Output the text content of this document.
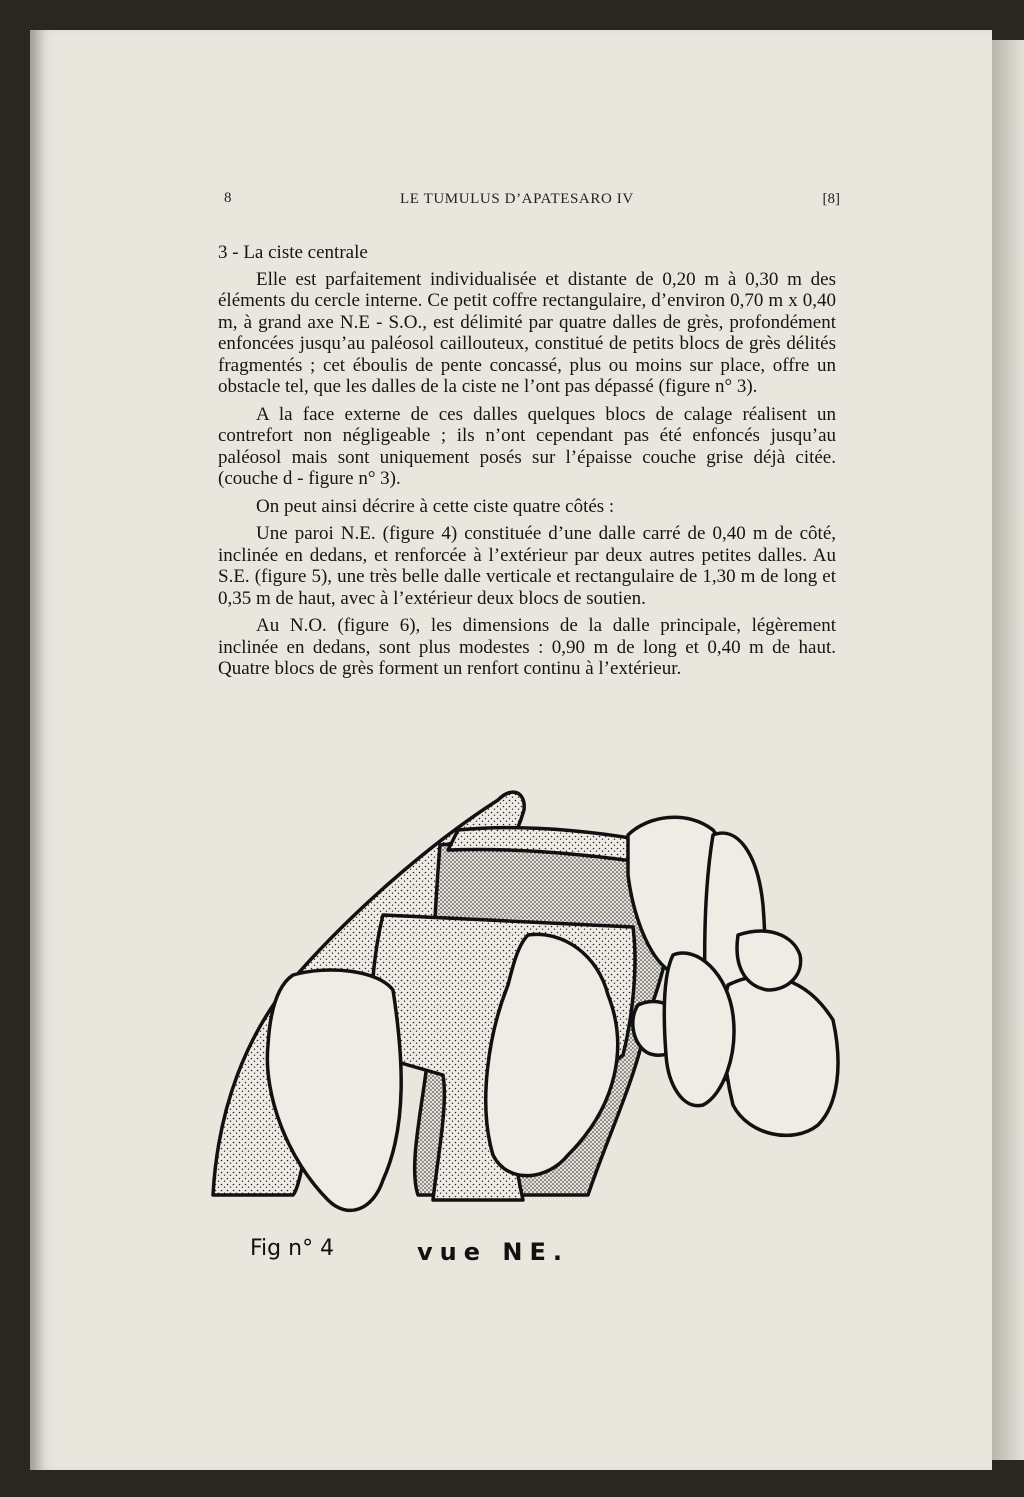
8	LE TUMULUS D’APATESARO IV	[8]
3 - La ciste centrale

Elle est parfaitement individualisée et distante de 0,20 m à 0,30 m des éléments du cercle interne. Ce petit coffre rectangulaire, d’environ 0,70 m x 0,40 m, à grand axe N.E - S.O., est délimité par quatre dalles de grès, profondément enfoncées jusqu’au paléosol caillouteux, constitué de petits blocs de grès délités fragmentés ; cet éboulis de pente concassé, plus ou moins sur place, offre un obstacle tel, que les dalles de la ciste ne l’ont pas dépassé (figure n° 3).

A la face externe de ces dalles quelques blocs de calage réalisent un contrefort non négligeable ; ils n’ont cependant pas été enfoncés jusqu’au paléosol mais sont uniquement posés sur l’épaisse couche grise déjà citée. (couche d - figure n° 3).

On peut ainsi décrire à cette ciste quatre côtés :

Une paroi N.E. (figure 4) constituée d’une dalle carré de 0,40 m de côté, inclinée en dedans, et renforcée à l’extérieur par deux autres petites dalles. Au S.E. (figure 5), une très belle dalle verticale et rectangulaire de 1,30 m de long et 0,35 m de haut, avec à l’extérieur deux blocs de soutien.

Au N.O. (figure 6), les dimensions de la dalle principale, légèrement inclinée en dedans, sont plus modestes : 0,90 m de long et 0,40 m de haut. Quatre blocs de grès forment un renfort continu à l’extérieur.

Fig n° 4	vue NE.
